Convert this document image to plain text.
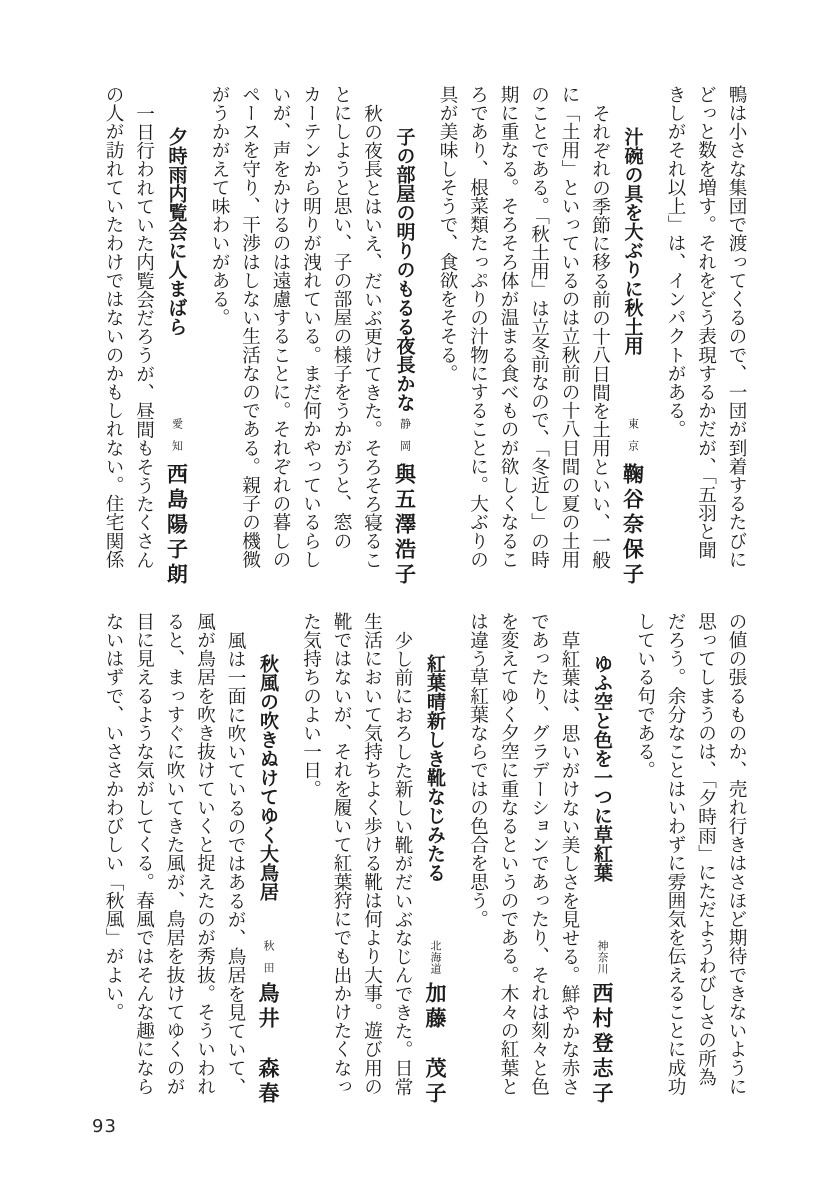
鴨は小さな集団で渡ってくるので、一団が到着するたびに

どっと数を増す。それをどう表現するかだが、「五羽と聞

きしがそれ以上」は、インパクトがある。

汁碗の具を大ぶりに秋土用
東京
鞠谷奈保子

それぞれの季節に移る前の十八日間を土用といい、一般

に「土用」といっているのは立秋前の十八日間の夏の土用

のことである。「秋土用」は立冬前なので、「冬近し」の時

期に重なる。そろそろ体が温まる食べものが欲しくなるこ

ろであり、根菜類たっぷりの汁物にすることに。大ぶりの

具が美味しそうで、食欲をそそる。

子の部屋の明りのもるる夜長かな
静岡
與五澤浩子

秋の夜長とはいえ、だいぶ更けてきた。そろそろ寝るこ

とにしようと思い、子の部屋の様子をうかがうと、窓の

カーテンから明りが洩れている。まだ何かやっているらし

いが、声をかけるのは遠慮することに。それぞれの暮しの

ペースを守り、干渉はしない生活なのである。親子の機微

がうかがえて味わいがある。

夕時雨内覧会に人まばら
愛知
西島陽子朗

一日行われていた内覧会だろうが、昼間もそうたくさん

の人が訪れていたわけではないのかもしれない。住宅関係

の値の張るものか、売れ行きはさほど期待できないように

思ってしまうのは、「夕時雨」にただようわびしさの所為

だろう。余分なことはいわずに雰囲気を伝えることに成功

している句である。

ゆふ空と色を一つに草紅葉
神奈川
西村登志子

草紅葉は、思いがけない美しさを見せる。鮮やかな赤さ

であったり、グラデーションであったり、それは刻々と色

を変えてゆく夕空に重なるというのである。木々の紅葉と

は違う草紅葉ならではの色合を思う。

紅葉晴新しき靴なじみたる
北海道
加藤　茂子

少し前におろした新しい靴がだいぶなじんできた。日常

生活において気持ちよく歩ける靴は何より大事。遊び用の

靴ではないが、それを履いて紅葉狩にでも出かけたくなっ

た気持ちのよい一日。

秋風の吹きぬけてゆく大鳥居
秋田
鳥井　森春

風は一面に吹いているのではあるが、鳥居を見ていて、

風が鳥居を吹き抜けていくと捉えたのが秀抜。そういわれ

ると、まっすぐに吹いてきた風が、鳥居を抜けてゆくのが

目に見えるような気がしてくる。春風ではそんな趣になら

ないはずで、いささかわびしい「秋風」がよい。

93
